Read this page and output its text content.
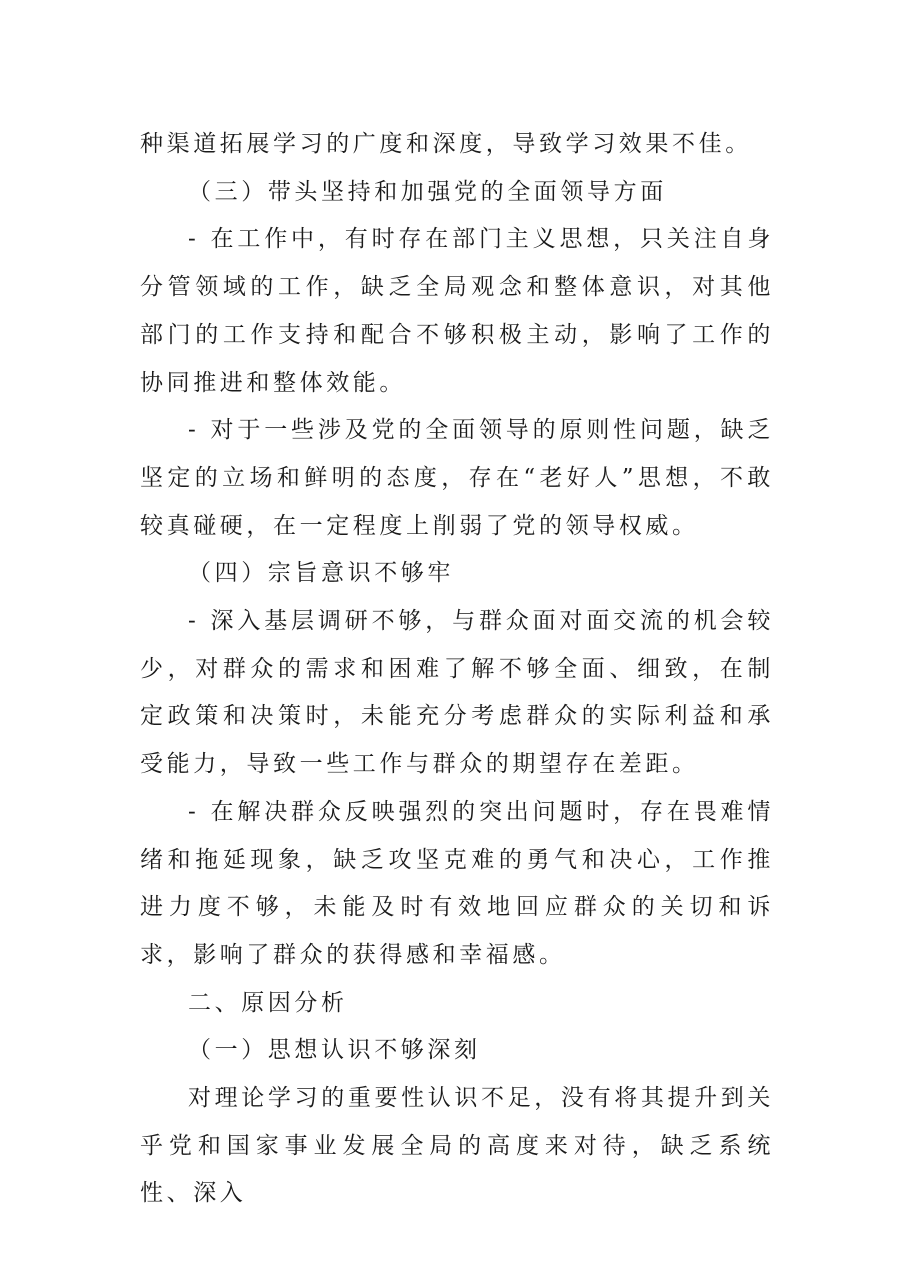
种渠道拓展学习的广度和深度，导致学习效果不佳。

（三）带头坚持和加强党的全面领导方面

- 在工作中，有时存在部门主义思想，只关注自身分管领域的工作，缺乏全局观念和整体意识，对其他部门的工作支持和配合不够积极主动，影响了工作的协同推进和整体效能。

- 对于一些涉及党的全面领导的原则性问题，缺乏坚定的立场和鲜明的态度，存在“老好人”思想，不敢较真碰硬，在一定程度上削弱了党的领导权威。

（四）宗旨意识不够牢

- 深入基层调研不够，与群众面对面交流的机会较少，对群众的需求和困难了解不够全面、细致，在制定政策和决策时，未能充分考虑群众的实际利益和承受能力，导致一些工作与群众的期望存在差距。

- 在解决群众反映强烈的突出问题时，存在畏难情绪和拖延现象，缺乏攻坚克难的勇气和决心，工作推进力度不够，未能及时有效地回应群众的关切和诉求，影响了群众的获得感和幸福感。

二、原因分析

（一）思想认识不够深刻

对理论学习的重要性认识不足，没有将其提升到关乎党和国家事业发展全局的高度来对待，缺乏系统性、深入
